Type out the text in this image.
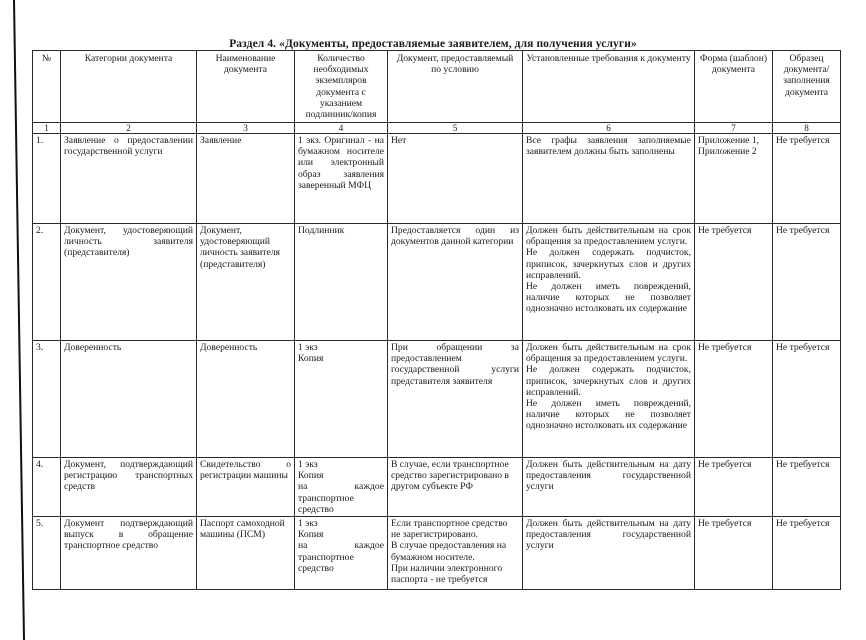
Раздел 4. «Документы, предоставляемые заявителем, для получения услуги»
№	Категории документа	Наименование документа	Количество необходимых экземпляров документа с указанием подлинник/копия	Документ, предоставляемый по условию	Установленные требования к документу	Форма (шаблон) документа	Образец документа/заполнения документа
1	2	3	4	5	6	7	8
1.	Заявление о предоставлении государственной услуги	Заявление	1 экз. Оригинал - на бумажном носителе или электронный образ заявления заверенный МФЦ	Нет	Все графы заявления заполняемые заявителем должны быть заполнены	Приложение 1, Приложение 2	Не требуется
2.	Документ, удостоверяющий личность заявителя (представителя)	Документ, удостоверяющий личность заявителя (представителя)	Подлинник	Предоставляется один из документов данной категории	Должен быть действительным на срок обращения за предоставлением услуги.
Не должен содержать подчисток, приписок, зачеркнутых слов и других исправлений.
Не должен иметь повреждений, наличие которых не позволяет однозначно истолковать их содержание	Не требуется	Не требуется
3.	Доверенность	Доверенность	1 экз
Копия	При обращении за предоставлением государственной услуги представителя заявителя	Должен быть действительным на срок обращения за предоставлением услуги.
Не должен содержать подчисток, приписок, зачеркнутых слов и других исправлений.
Не должен иметь повреждений, наличие которых не позволяет однозначно истолковать их содержание	Не требуется	Не требуется
4.	Документ, подтверждающий регистрацию транспортных средств	Свидетельство о регистрации машины	1 экз
Копия
на каждое транспортное средство	В случае, если транспортное средство зарегистрировано в другом субъекте РФ	Должен быть действительным на дату предоставления государственной услуги	Не требуется	Не требуется
5.	Документ подтверждающий выпуск в обращение транспортное средство	Паспорт самоходной машины (ПСМ)	1 экз
Копия
на каждое транспортное средство	Если транспортное средство не зарегистрировано.
В случае предоставления на бумажном носителе.
При наличии электронного паспорта - не требуется	Должен быть действительным на дату предоставления государственной услуги	Не требуется	Не требуется
